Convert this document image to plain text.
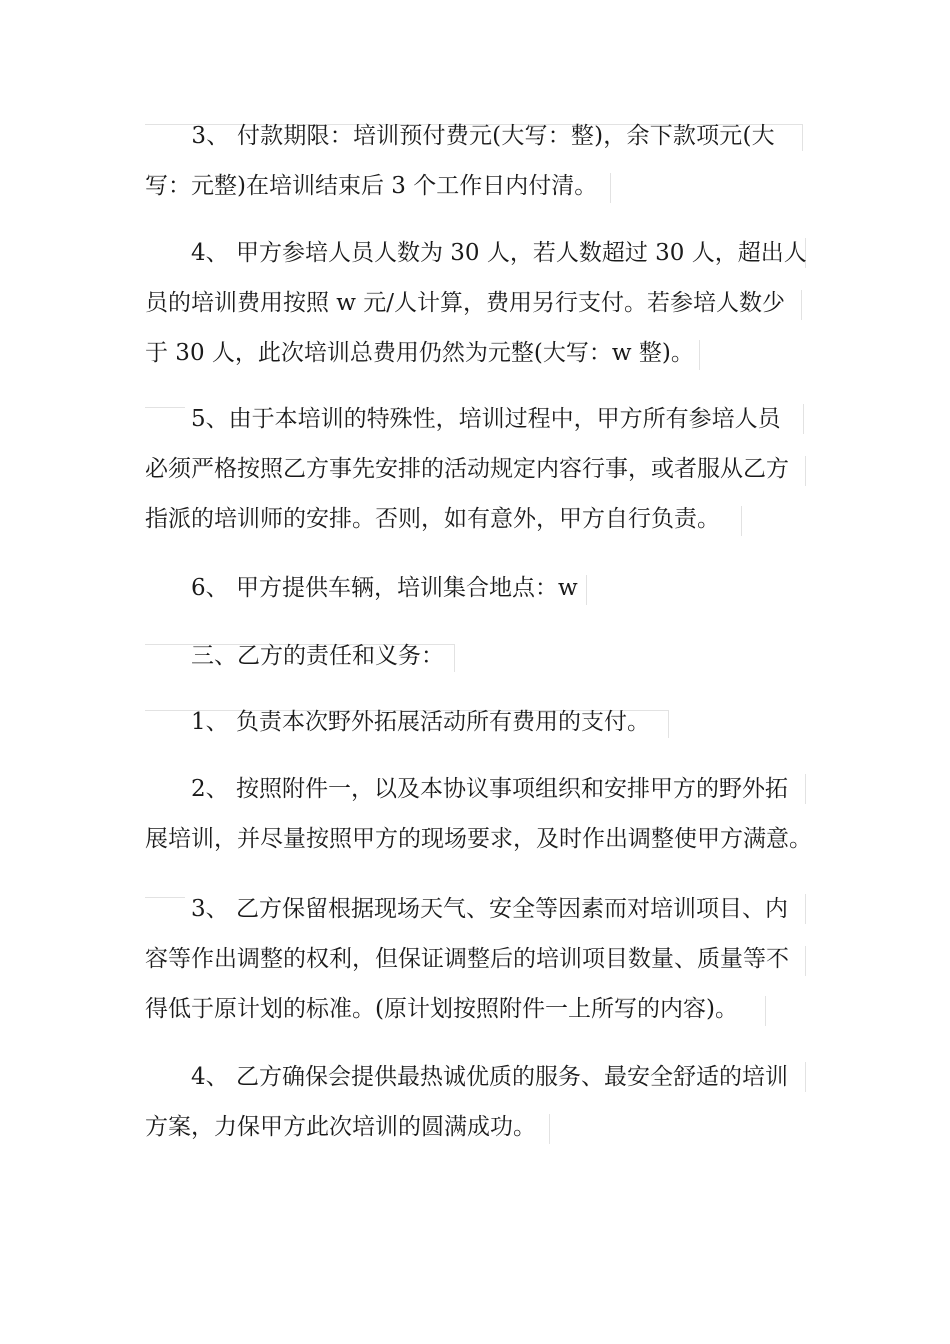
　　3、 付款期限：培训预付费元(大写：整)，余下款项元(大
写：元整)在培训结束后 3 个工作日内付清。
　　4、 甲方参培人员人数为 30 人，若人数超过 30 人，超出人
员的培训费用按照 w 元/人计算，费用另行支付。若参培人数少
于 30 人，此次培训总费用仍然为元整(大写：w 整)。
　　5、由于本培训的特殊性，培训过程中，甲方所有参培人员
必须严格按照乙方事先安排的活动规定内容行事，或者服从乙方
指派的培训师的安排。否则，如有意外，甲方自行负责。
　　6、 甲方提供车辆，培训集合地点：w
　　三、乙方的责任和义务：
　　1、 负责本次野外拓展活动所有费用的支付。
　　2、 按照附件一，以及本协议事项组织和安排甲方的野外拓
展培训，并尽量按照甲方的现场要求，及时作出调整使甲方满意。
　　3、 乙方保留根据现场天气、安全等因素而对培训项目、内
容等作出调整的权利，但保证调整后的培训项目数量、质量等不
得低于原计划的标准。(原计划按照附件一上所写的内容)。
　　4、 乙方确保会提供最热诚优质的服务、最安全舒适的培训
方案，力保甲方此次培训的圆满成功。
